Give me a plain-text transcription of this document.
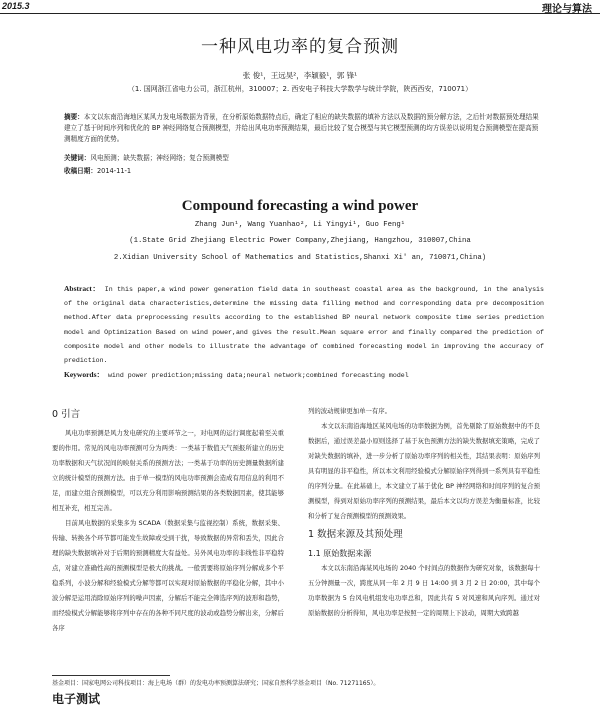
2015.3	理论与算法
一种风电功率的复合预测
张 俊¹，王远昊²，李颖毅¹，郭 锋¹
（1. 国网浙江省电力公司，浙江杭州，310007；2. 西安电子科技大学数学与统计学院，陕西西安，710071）

摘要：本文以东南沿海地区某风力发电场数据为背景，在分析原始数据特点后，确定了相应的缺失数据的填补方法以及数据的预分解方法，之后针对数据预处理结果建立了基于时间序列和优化的 BP 神经网络复合预测模型，并给出风电功率预测结果，最后比较了复合模型与其它模型预测的均方误差以说明复合预测模型在提高预测精度方面的优势。

关键词：风电预测；缺失数据；神经网络；复合预测模型

收稿日期：2014-11-1

Compound forecasting a wind power
Zhang Jun¹, Wang Yuanhao², Li Yingyi¹, Guo Feng¹
(1.State Grid Zhejiang Electric Power Company,Zhejiang, Hangzhou, 310007,China
2.Xidian University School of Mathematics and Statistics,Shanxi Xi' an, 710071,China)

Abstract： In this paper,a wind power generation field data in southeast coastal area as the background, in the analysis of the original data characteristics,determine the missing data filling method and corresponding data pre decomposition method.After data preprocessing results according to the established BP neural network composite time series prediction model and Optimization Based on wind power,and gives the result.Mean square error and finally compared the prediction of composite model and other models to illustrate the advantage of combined forecasting model in improving the accuracy of prediction.
Keywords： wind power prediction;missing data;neural network;combined forecasting model

0 引言

风电功率预测是风力发电研究的主要环节之一，对电网的运行调度起着至关重要的作用。常见的风电功率预测可分为两类：一类基于数值天气预报所建立的历史功率数据和天气状况间的映射关系的预测方法；一类基于功率的历史测量数据所建立的统计模型的预测方法。由于单一模型的风电功率预测会造成有用信息的利用不足，而建立组合预测模型，可以充分利用影响预测结果的各类数据因素，使其能够相互补充，相互完善。

目前风电数据的采集多为 SCADA（数据采集与监视控制）系统，数据采集、传输、转换各个环节都可能发生故障或受到干扰，导致数据的异常和丢失，因此合理的缺失数据填补对于后期的预测精度大有益处。另外风电功率的非线性非平稳特点，对建立准确性高的预测模型是极大的挑战。一般需要将原始序列分解成多个平稳系列，小波分解和经验模式分解等都可以实现对原始数据的平稳化分解，其中小波分解是运用消除原始序列的噪声因素，分解后不能完全筛选序列的波形和趋势，而经验模式分解能够将序列中存在的各种不同尺度的波动或趋势分解出来，分解后各序

列的波动规律更加单一有序。

本文以东南沿海地区某风电场的功率数据为例，首先剔除了原始数据中的不良数据后，通过误差最小原则选择了基于灰色预测方法的缺失数据填充策略，完成了对缺失数据的填补，进一步分析了原始功率序列的相关性，其结果表明：原始序列具有明显的非平稳性，所以本文利用经验模式分解原始序列得到一系列具有平稳性的序列分量。在此基础上，本文建立了基于优化 BP 神经网络和时间序列的复合预测模型，得到对原始功率序列的预测结果，最后本文以均方误差为衡量标准，比较和分析了复合预测模型的预测效果。

1 数据来源及其预处理
1.1 原始数据来源

本文以东南沿海某风电场的 2040 个时间点的数据作为研究对象，该数据每十五分钟测量一次，跨度从同一年 2 月 9 日 14:00 到 3 月 2 日 20:00，其中每个功率数据为 5 台风电机组发电功率总和，因此共有 5 对风速和风向序列。通过对原始数据的分析得知，风电功率是按照一定的周期上下波动，周期大致跨越

基金项目：国家电网公司科技项目：海上电场（群）的发电功率预测算法研究；国家自然科学基金项目（No. 71271165）。
电子测试
